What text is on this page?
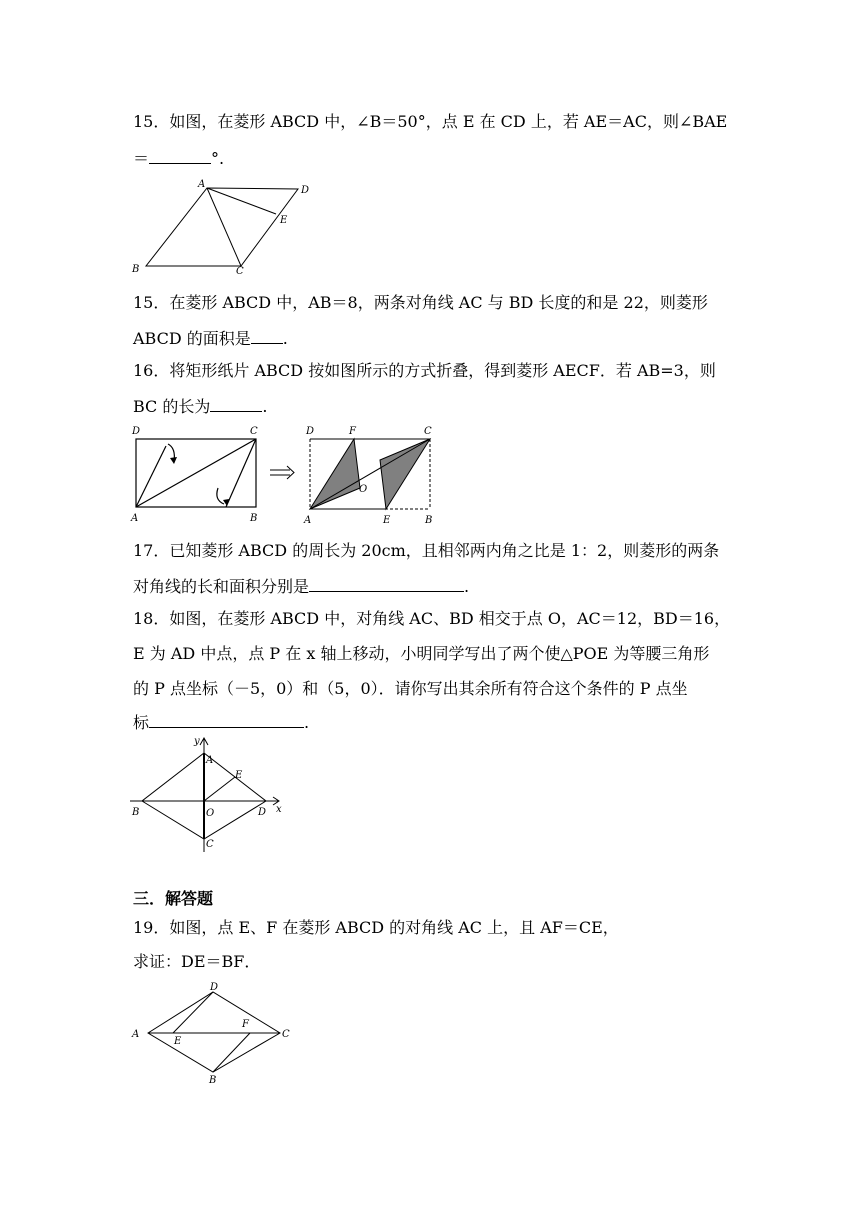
15．如图，在菱形 ABCD 中，∠B＝50°，点 E 在 CD 上，若 AE＝AC，则∠BAE
＝	°.
A
D
E
B	C
15．在菱形 ABCD 中，AB＝8，两条对角线 AC 与 BD 长度的和是 22，则菱形
ABCD 的面积是 .
16．将矩形纸片 ABCD 按如图所示的方式折叠，得到菱形 AECF．若 AB=3，则
BC 的长为	.
D	C
A	B
D	F	C
O
A	E	B
17．已知菱形 ABCD 的周长为 20cm，且相邻两内角之比是 1：2，则菱形的两条
对角线的长和面积分别是	.
18．如图，在菱形 ABCD 中，对角线 AC、BD 相交于点 O，AC＝12，BD＝16，
E 为 AD 中点，点 P 在 x 轴上移动，小明同学写出了两个使△POE 为等腰三角形
的 P 点坐标（－5，0）和（5，0）．请你写出其余所有符合这个条件的 P 点坐
标	.
y
A
E
B	O	D x
C
三．解答题
19．如图，点 E、F 在菱形 ABCD 的对角线 AC 上，且 AF＝CE，
求证：DE＝BF．
A
D
F
C
E
B
